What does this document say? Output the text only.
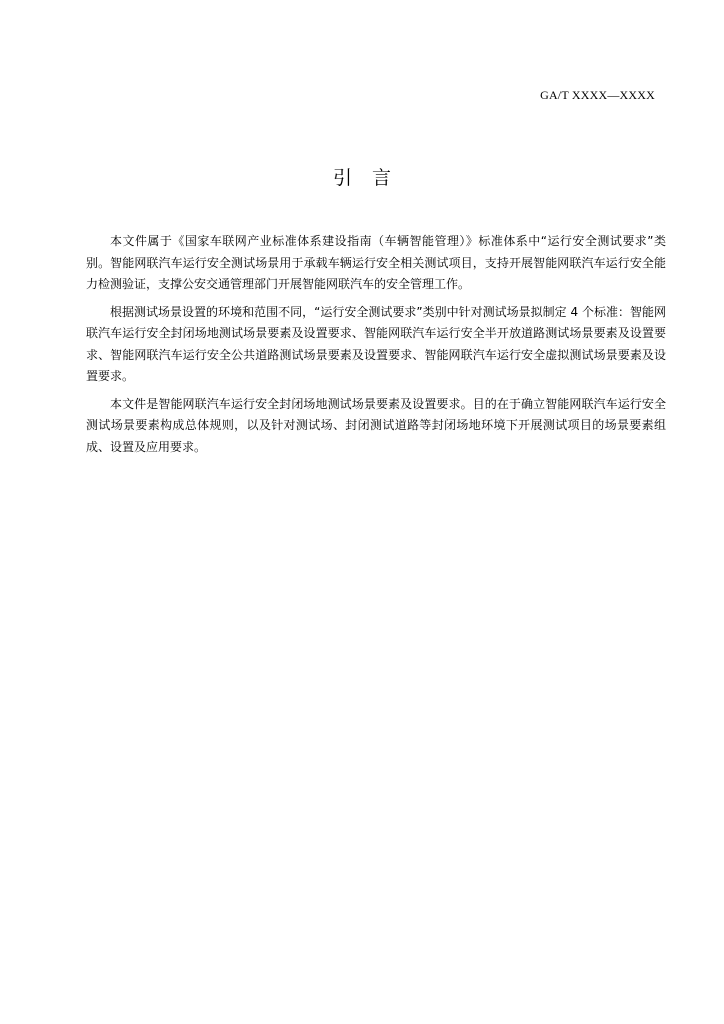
GA/T XXXX—XXXX
引言

本文件属于《国家车联网产业标准体系建设指南（车辆智能管理）》标准体系中“运行安全测试要求”类别。智能网联汽车运行安全测试场景用于承载车辆运行安全相关测试项目，支持开展智能网联汽车运行安全能力检测验证，支撑公安交通管理部门开展智能网联汽车的安全管理工作。

根据测试场景设置的环境和范围不同，“运行安全测试要求”类别中针对测试场景拟制定 4 个标准：智能网联汽车运行安全封闭场地测试场景要素及设置要求、智能网联汽车运行安全半开放道路测试场景要素及设置要求、智能网联汽车运行安全公共道路测试场景要素及设置要求、智能网联汽车运行安全虚拟测试场景要素及设置要求。

本文件是智能网联汽车运行安全封闭场地测试场景要素及设置要求。目的在于确立智能网联汽车运行安全测试场景要素构成总体规则，以及针对测试场、封闭测试道路等封闭场地环境下开展测试项目的场景要素组成、设置及应用要求。
